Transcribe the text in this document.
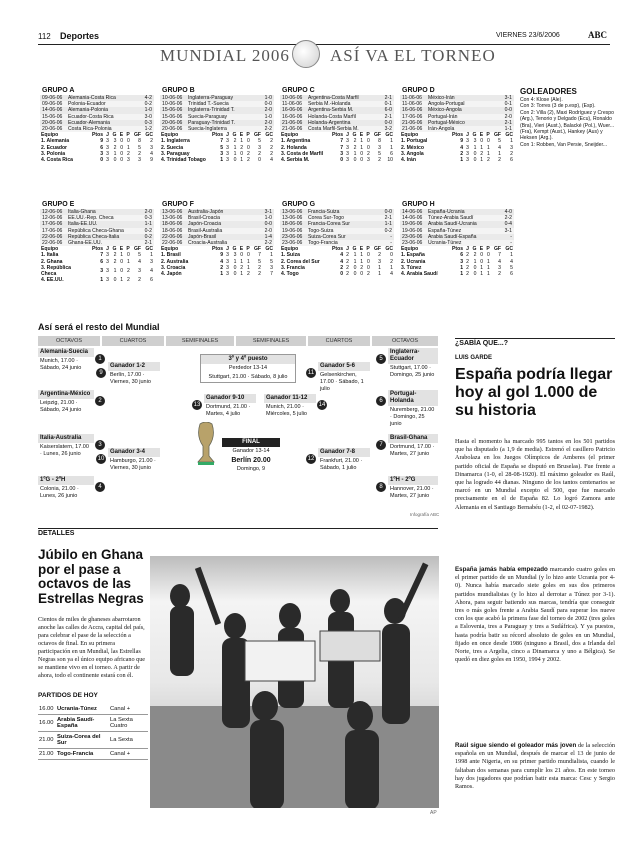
112 Deportes	VIERNES 23/6/2006	ABC
MUNDIAL 2006 ASÍ VA EL TORNEO
GRUPO A
09-06-06	Alemania-Costa Rica	4-2
09-06-06	Polonia-Ecuador	0-2
14-06-06	Alemania-Polonia	1-0
15-06-06	Ecuador-Costa Rica	3-0
20-06-06	Ecuador-Alemania	0-3
20-06-06	Costa Rica-Polonia	1-2
Equipo	Ptos	J	G	E	P	GF	GC
1. Alemania	9	3	3	0	0	8	2
2. Ecuador	6	3	2	0	1	5	3
3. Polonia	3	3	1	0	2	2	4
4. Costa Rica	0	3	0	0	3	3	9
GRUPO B
10-06-06	Inglaterra-Paraguay	1-0
10-06-06	Trinidad T.-Suecia	0-0
15-06-06	Inglaterra-Trinidad T.	2-0
15-06-06	Suecia-Paraguay	1-0
20-06-06	Paraguay-Trinidad T.	2-0
20-06-06	Suecia-Inglaterra	2-2
Equipo	Ptos	J	G	E	P	GF	GC
1. Inglaterra	7	3	2	1	0	5	2
2. Suecia	5	3	1	2	0	3	2
3. Paraguay	3	3	1	0	2	2	2
4. Trinidad Tobago	1	3	0	1	2	0	4
GRUPO C
10-06-06	Argentina-Costa Marfil	2-1
11-06-06	Serbia M.-Holanda	0-1
16-06-06	Argentina-Serbia M.	6-0
16-06-06	Holanda-Costa Marfil	2-1
21-06-06	Holanda-Argentina	0-0
21-06-06	Costa Marfil-Serbia M.	3-2
Equipo	Ptos	J	G	E	P	GF	GC
1. Argentina	7	3	2	1	0	8	1
2. Holanda	7	3	2	1	0	3	1
3. Costa de Marfil	3	3	1	0	2	5	6
4. Serbia M.	0	3	0	0	3	2	10
GRUPO D
11-06-06	México-Irán	3-1
11-06-06	Angola-Portugal	0-1
16-06-06	México-Angola	0-0
17-06-06	Portugal-Irán	2-0
21-06-06	Portugal-México	2-1
21-06-06	Irán-Angola	1-1
Equipo	Ptos	J	G	E	P	GF	GC
1. Portugal	9	3	3	0	0	5	1
2. México	4	3	1	1	1	4	3
3. Angola	2	3	0	2	1	1	2
4. Irán	1	3	0	1	2	2	6
GRUPO E
12-06-06	Italia-Ghana	2-0
12-06-06	EE.UU.-Rep. Checa	0-3
17-06-06	Italia-EE.UU.	1-1
17-06-06	República Checa-Ghana	0-2
22-06-06	República Checa-Italia	0-2
22-06-06	Ghana-EE.UU.	2-1
Equipo	Ptos	J	G	E	P	GF	GC
1. Italia	7	3	2	1	0	5	1
2. Ghana	6	3	2	0	1	4	3
3. República Checa	3	3	1	0	2	3	4
4. EE.UU.	1	3	0	1	2	2	6
GRUPO F
13-06-06	Australia-Japón	3-1
13-06-06	Brasil-Croacia	1-0
18-06-06	Japón-Croacia	0-0
18-06-06	Brasil-Australia	2-0
22-06-06	Japón-Brasil	1-4
22-06-06	Croacia-Australia	2-2
Equipo	Ptos	J	G	E	P	GF	GC
1. Brasil	9	3	3	0	0	7	1
2. Australia	4	3	1	1	1	5	5
3. Croacia	2	3	0	2	1	2	3
4. Japón	1	3	0	1	2	2	7
GRUPO G
13-06-06	Francia-Suiza	0-0
13-06-06	Corea Sur-Togo	2-1
18-06-06	Francia-Corea Sur	1-1
19-06-06	Togo-Suiza	0-2
23-06-06	Suiza-Corea Sur	-
23-06-06	Togo-Francia	-
Equipo	Ptos	J	G	E	P	GF	GC
1. Suiza	4	2	1	1	0	2	0
2. Corea del Sur	4	2	1	1	0	3	2
3. Francia	2	2	0	2	0	1	1
4. Togo	0	2	0	0	2	1	4
GRUPO H
14-06-06	España-Ucrania	4-0
14-06-06	Túnez-Arabia Saudí	2-2
19-06-06	Arabia Saudí-Ucrania	0-4
19-06-06	España-Túnez	3-1
23-06-06	Arabia Saudí-España	-
23-06-06	Ucrania-Túnez	-
Equipo	Ptos	J	G	E	P	GF	GC
1. España	6	2	2	0	0	7	1
2. Ucrania	3	2	1	0	1	4	4
3. Túnez	1	2	0	1	1	3	5
4. Arabia Saudí	1	2	0	1	1	2	6
GOLEADORES
Con 4: Klose (Ale).
Con 3: Torres (3 de p.esp), (Esp).
Con 2: Villa (2), Maxi Rodríguez y Crespo (Arg.), Tenorio y Delgado (Ecu), Ronaldo (Bra), Vieri (Aust.), Balacké (Pol.), Wuer... (Fra), Kempt (Aust.), Hankey (Aus) y Heksen (Arg.).
Con 1: Robben, Van Persie, Sneijder...
Así será el resto del Mundial
OCTAVOS	CUARTOS	SEMIFINALES	SEMIFINALES	CUARTOS	OCTAVOS
Alemania-Suecia
Munich, 17.00 · Sábado, 24 junio
1
Argentina-México
Leipzig, 21.00 · Sábado, 24 junio
2
Italia-Australia
Kaiserslatern, 17.00 · Lunes, 26 junio
3
1ºG - 2ºH
Colonia, 21.00 · Lunes, 26 junio
4
Inglaterra-Ecuador
Stuttgart, 17.00 · Domingo, 25 junio
5
Portugal-Holanda
Nuremberg, 21.00 · Domingo, 25 junio
6
Brasil-Ghana
Dortmund, 17.00 · Martes, 27 junio
7
1ºH - 2ºG
Hannover, 21.00 · Martes, 27 junio
8
Ganador 1-2
Berlín, 17.00 · Viernes, 30 junio
9
Ganador 3-4
Hamburgo, 21.00 · Viernes, 30 junio
10
Ganador 5-6
Gelsenkirchen, 17.00 · Sábado, 1 julio
11
Ganador 7-8
Frankfurt, 21.00 · Sábado, 1 julio
12
Ganador 9-10
Dortmund, 21.00 · Martes, 4 julio
13
Ganador 11-12
Munich, 21.00 · Miércoles, 5 julio
14
3º y 4º puesto
Perdedor 13-14
Stuttgart, 21.00 · Sábado, 8 julio
FINAL
Ganador 13-14
Berlín 20.00
Domingo, 9
Infografía ABC
DETALLES
Júbilo en Ghana por el pase a octavos de las Estrellas Negras
Cientos de miles de ghaneses abarrotaron anoche las calles de Accra, capital del país, para celebrar el pase de la selección a octavos de final. En su primera participación en un Mundial, las Estrellas Negras son ya el único equipo africano que se mantiene vivo en el torneo. A partir de ahora, todo el continente estará con él.
PARTIDOS DE HOY
16.00	Ucrania-Túnez	Canal +
16.00	Arabia Saudí-España	La Sexta Cuatro
21.00	Suiza-Corea del Sur	La Sexta
21.00	Togo-Francia	Canal +
AP
¿SABÍA QUE...?
LUIS GARDE
España podría llegar hoy al gol 1.000 de su historia
Hasta el momento ha marcado 995 tantos en los 501 partidos que ha disputado (a 1,9 de media). Estrenó el casillero Patricio Arabolaza en los Juegos Olímpicos de Amberes (el primer partido oficial de España se disputó en Bruselas). Fue frente a Dinamarca (1-0, el 28-08-1920). El máximo goleador es Raúl, que ha logrado 44 dianas. Ninguno de los tantos centenarios se marcó en un Mundial excepto el 500, que fue marcado precisamente en el de España 82. Lo logró Zamora ante Alemania en el Santiago Bernabéu (1-2, el 02-07-1982).
España jamás había empezado marcando cuatro goles en el primer partido de un Mundial (y lo hizo ante Ucrania por 4-0). Nunca había marcado siete goles en sus dos primeros partidos mundialistas (y lo hizo al derrotar a Túnez por 3-1). Ahora, para seguir batiendo sus marcas, tendría que conseguir tres o más goles frente a Arabia Saudí para superar los nueve con los que acabó la primera fase del torneo de 2002 (tres goles a Eslovenia, tres a Paraguay y tres a Sudáfrica). Y ya puestos, hasta podría batir su récord absoluto de goles en un Mundial, fijado en once desde 1986 (ninguno a Brasil, dos a Irlanda del Norte, tres a Argelia, cinco a Dinamarca y uno a Bélgica). Se quedó en diez goles en 1950, 1994 y 2002.
Raúl sigue siendo el goleador más joven de la selección española en un Mundial, después de marcar el 13 de junio de 1998 ante Nigeria, en su primer partido mundialista, cuando le faltaban dos semanas para cumplir los 21 años. En este torneo hay dos jugadores que podrían batir esta marca: Cesc y Sergio Ramos.
